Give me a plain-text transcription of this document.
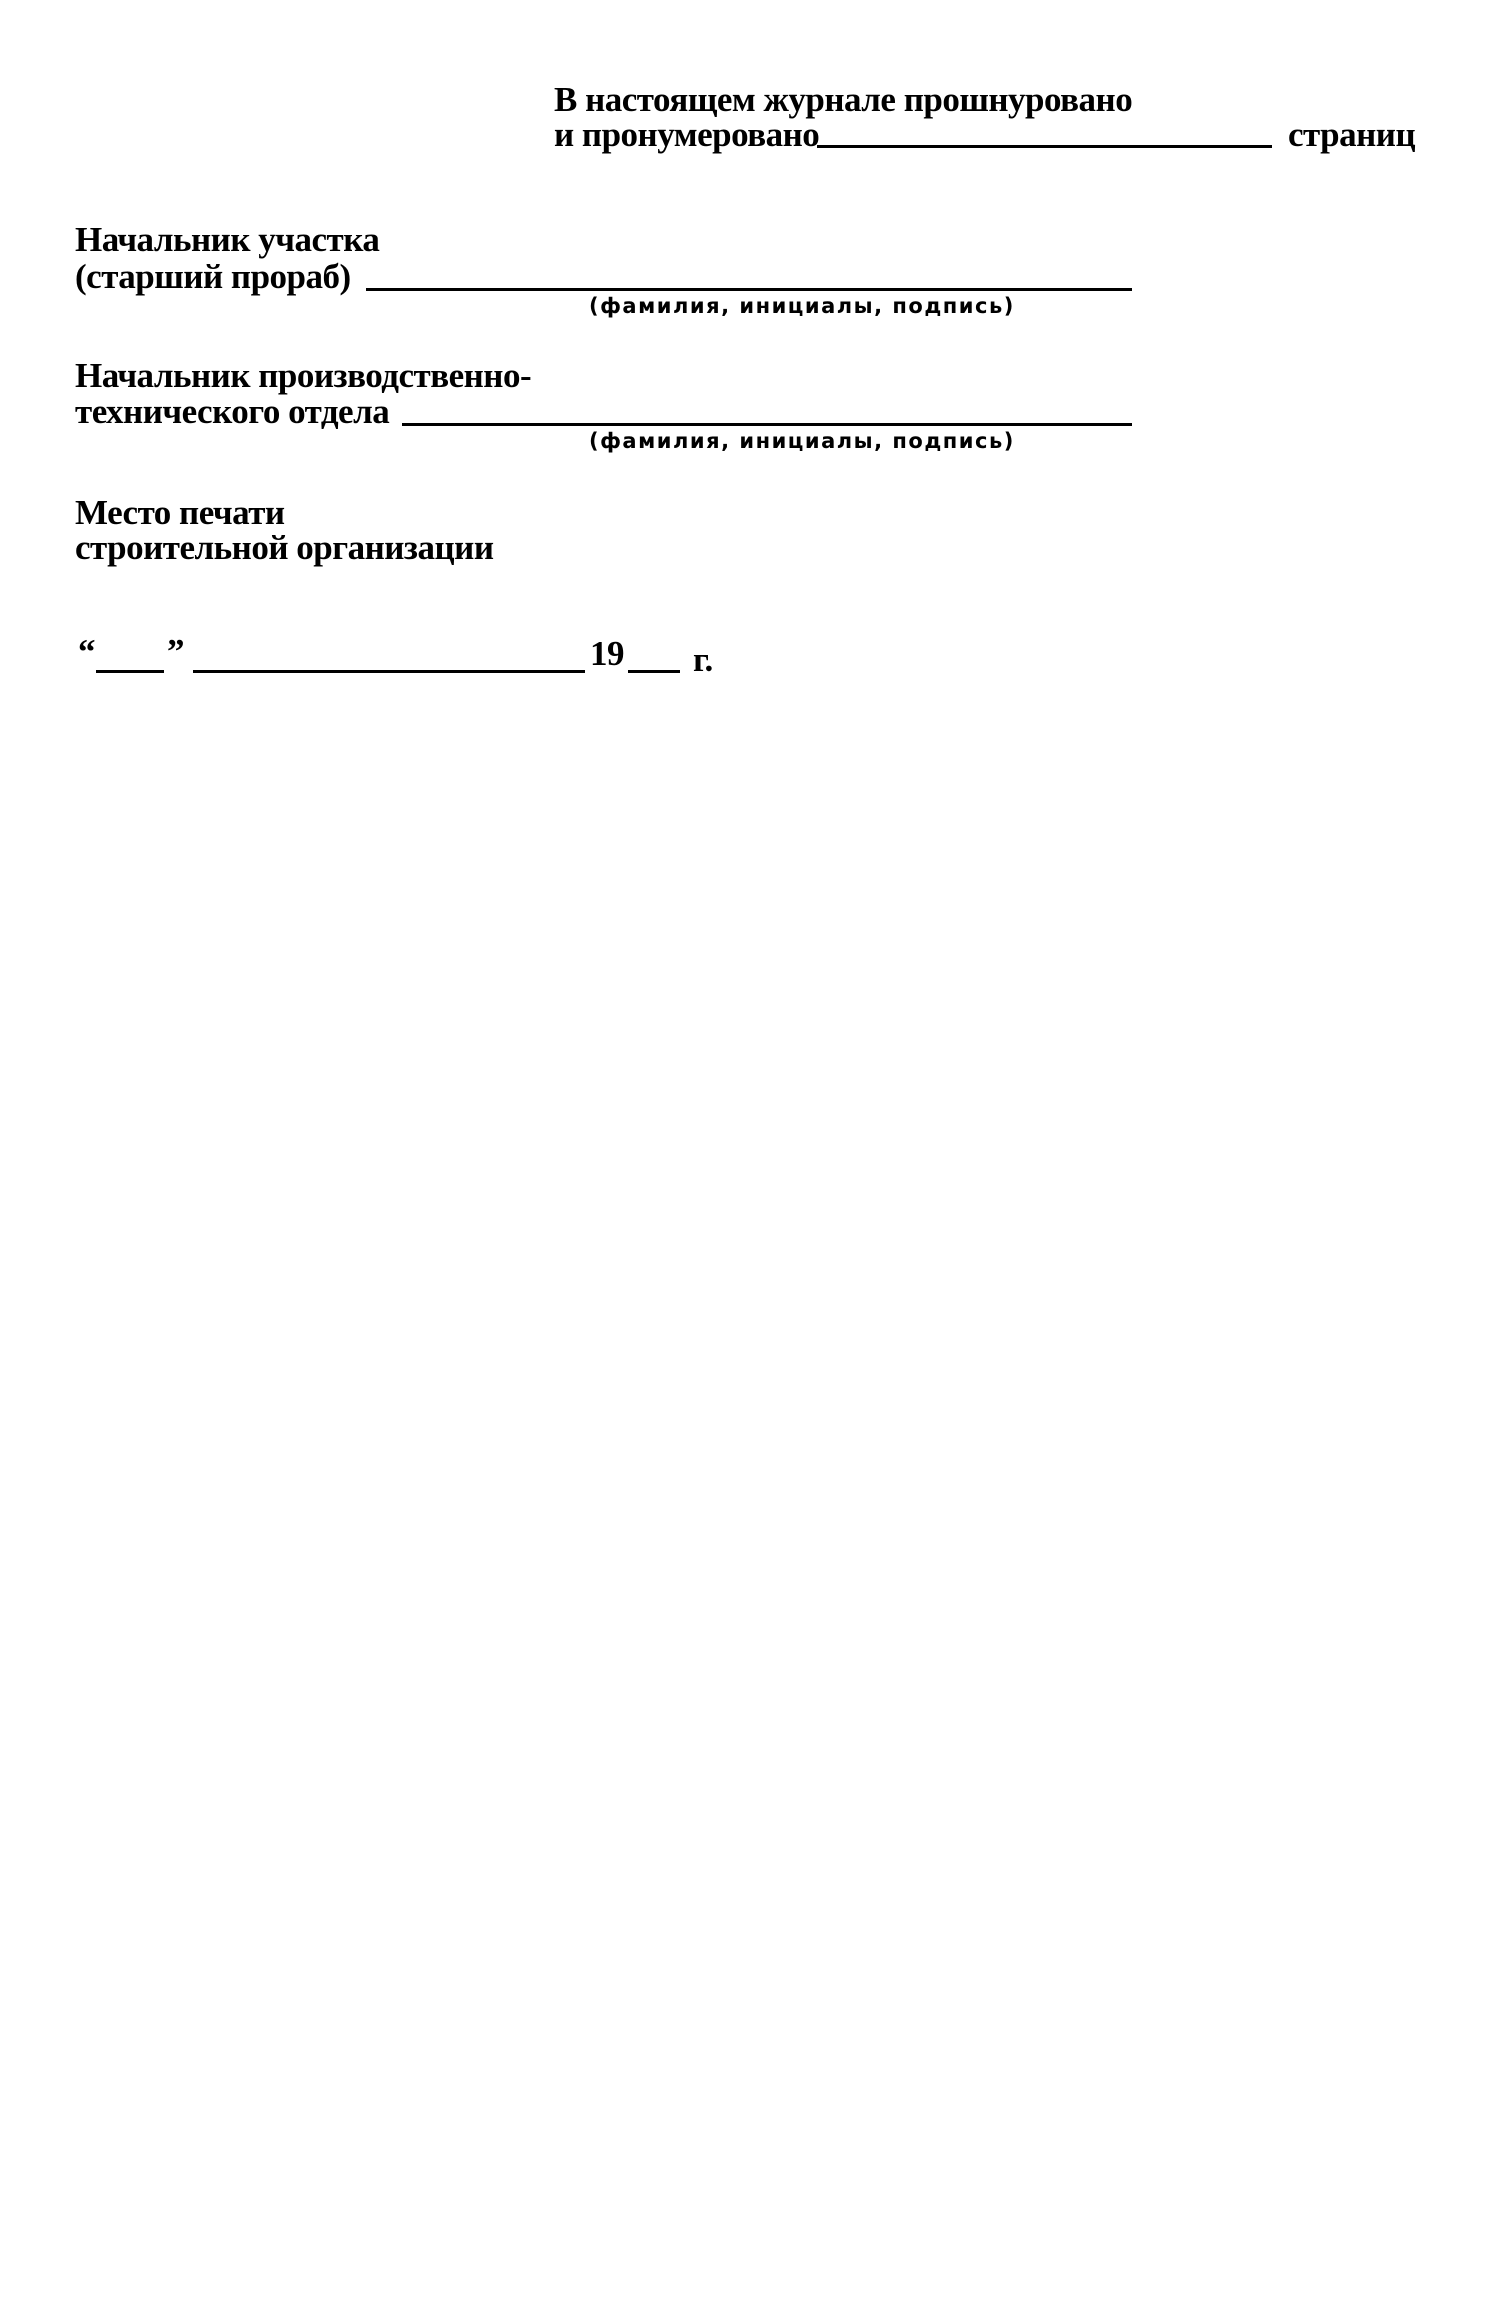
В настоящем журнале прошнуровано
и пронумеровано	страниц
Начальник участка
(старший прораб)
(фамилия, инициалы, подпись)
Начальник производственно-
технического отдела
(фамилия, инициалы, подпись)
Место печати
строительной организации
“ ”	19 г.
